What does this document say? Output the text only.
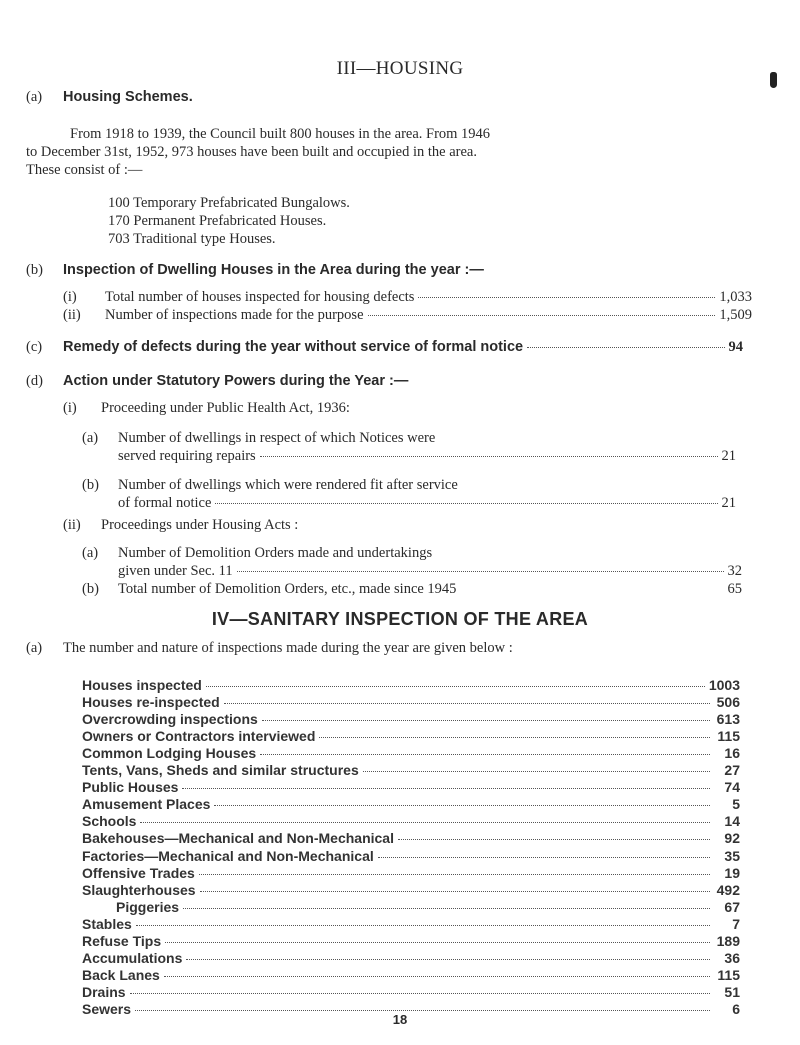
III—HOUSING
(a) Housing Schemes.
From 1918 to 1939, the Council built 800 houses in the area. From 1946
to December 31st, 1952, 973 houses have been built and occupied in the area.
These consist of :—
100 Temporary Prefabricated Bungalows.
170 Permanent Prefabricated Houses.
703 Traditional type Houses.
(b) Inspection of Dwelling Houses in the Area during the year :—
(i) Total number of houses inspected for housing defects	1,033
(ii) Number of inspections made for the purpose	1,509
(c) Remedy of defects during the year without service of formal notice	94
(d) Action under Statutory Powers during the Year :—
(i) Proceeding under Public Health Act, 1936:
(a) Number of dwellings in respect of which Notices were
served requiring repairs	21
(b) Number of dwellings which were rendered fit after service
of formal notice	21
(ii) Proceedings under Housing Acts :
(a) Number of Demolition Orders made and undertakings
given under Sec. 11	32
(b) Total number of Demolition Orders, etc., made since 1945	65
IV—SANITARY INSPECTION OF THE AREA
(a) The number and nature of inspections made during the year are given below :
Houses inspected	1003
Houses re-inspected	506
Overcrowding inspections	613
Owners or Contractors interviewed	115
Common Lodging Houses	16
Tents, Vans, Sheds and similar structures	27
Public Houses	74
Amusement Places	5
Schools	14
Bakehouses—Mechanical and Non-Mechanical	92
Factories—Mechanical and Non-Mechanical	35
Offensive Trades	19
Slaughterhouses	492
Piggeries	67
Stables	7
Refuse Tips	189
Accumulations	36
Back Lanes	115
Drains	51
Sewers	6
18
